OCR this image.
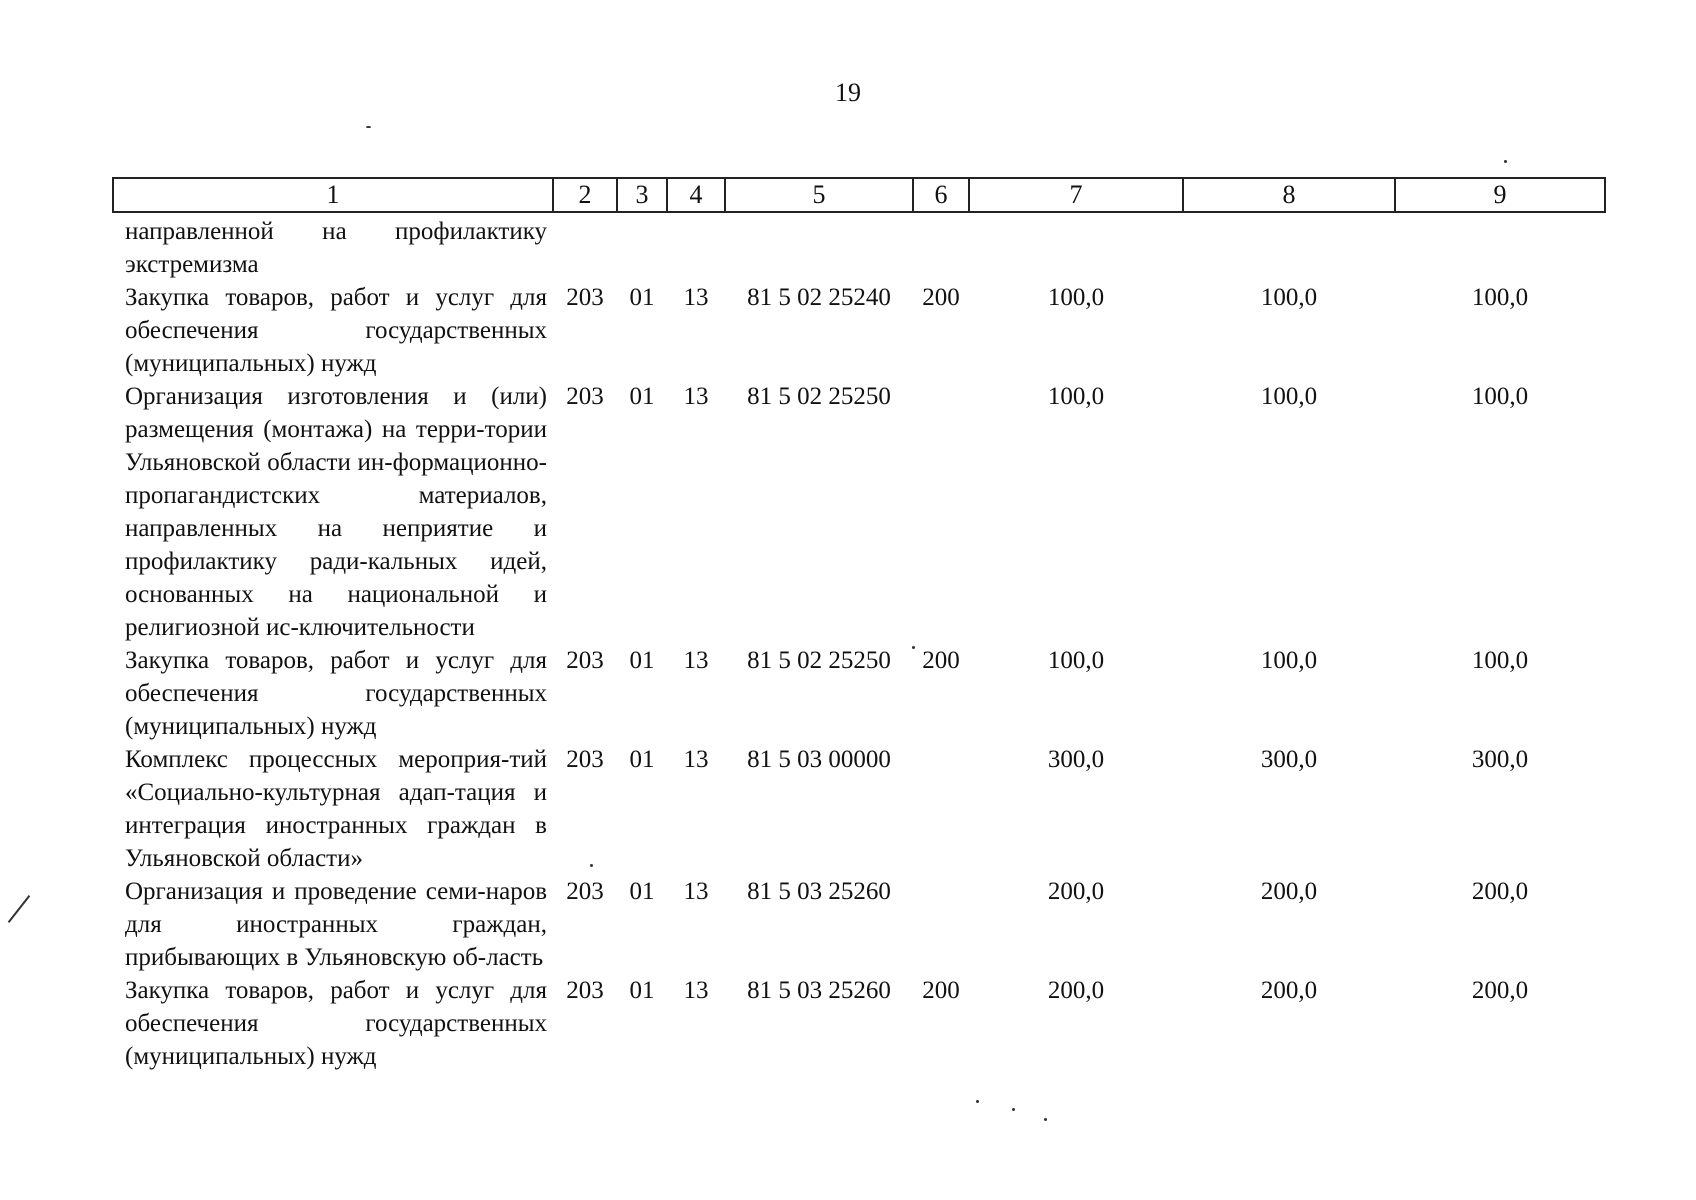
19
1	2	3	4	5	6	7	8	9
направленной на профилактику экстремизма								
Закупка товаров, работ и услуг для обеспечения государственных (муниципальных) нужд	203	01	13	81 5 02 25240	200	100,0	100,0	100,0
Организация изготовления и (или) размещения (монтажа) на терри-тории Ульяновской области ин-формационно-пропагандистских материалов, направленных на неприятие и профилактику ради-кальных идей, основанных на национальной и религиозной ис-ключительности	203	01	13	81 5 02 25250		100,0	100,0	100,0
Закупка товаров, работ и услуг для обеспечения государственных (муниципальных) нужд	203	01	13	81 5 02 25250	200	100,0	100,0	100,0
Комплекс процессных мероприя-тий «Социально-культурная адап-тация и интеграция иностранных граждан в Ульяновской области»	203	01	13	81 5 03 00000		300,0	300,0	300,0
Организация и проведение семи-наров для иностранных граждан, прибывающих в Ульяновскую об-ласть	203	01	13	81 5 03 25260		200,0	200,0	200,0
Закупка товаров, работ и услуг для обеспечения государственных (муниципальных) нужд	203	01	13	81 5 03 25260	200	200,0	200,0	200,0
